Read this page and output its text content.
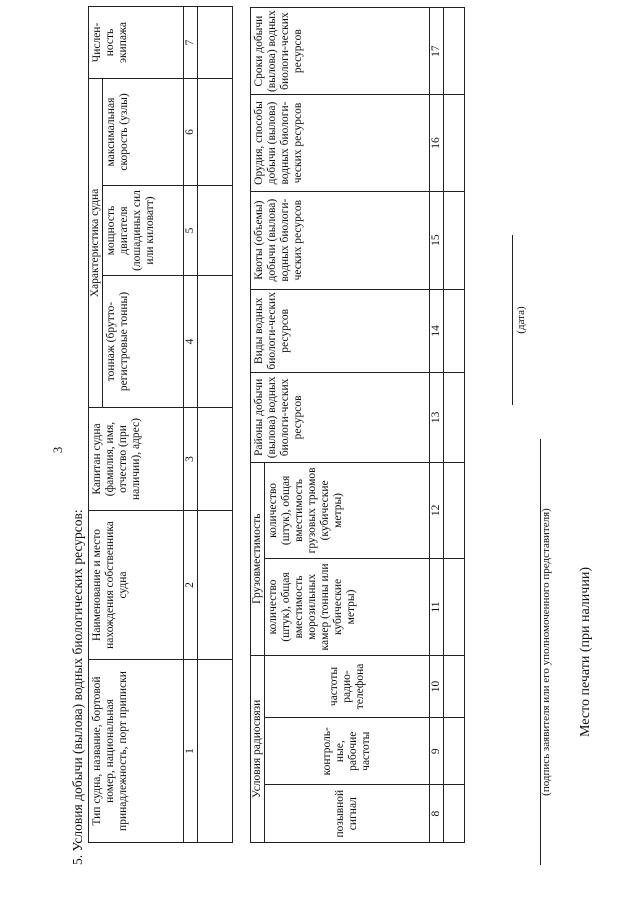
3
5. Условия добычи (вылова) водных биологических ресурсов: Тип судна, название, бортовой номер, национальная принадлежность, порт приписки	Наименование и место нахождения собственника судна	Капитан судна (фамилия, имя, отчество (при наличии), адрес)	Характеристика судна			Числен-ность экипажа
			тоннаж (брутто-регистровые тонны)	мощность двигателя (лошадиных сил или киловатт)	максимальная скорость (узлы)	
1	2	3	4	5	6	7

Условия радиосвязи			Грузовместимость		Районы добычи (вылова) водных биологи-ческих ресурсов	Виды водных биологи-ческих ресурсов	Квоты (объемы) добычи (вылова) водных биологи-ческих ресурсов	Орудия, способы добычи (вылова) водных биологи-ческих ресурсов	Сроки добычи (вылова) водных биологи-ческих ресурсов
позывной сигнал	контроль-ные, рабочие частоты	частоты радио-телефона	количество (штук), общая вместимость морозильных камер (тонны или кубические метры)	количество (штук), общая вместимость грузовых трюмов (кубические метры)					
8	9	10	11	12	13	14	15	16	17

(дата)
(подпись заявителя или его уполномоченного представителя) Место печати (при наличии)
